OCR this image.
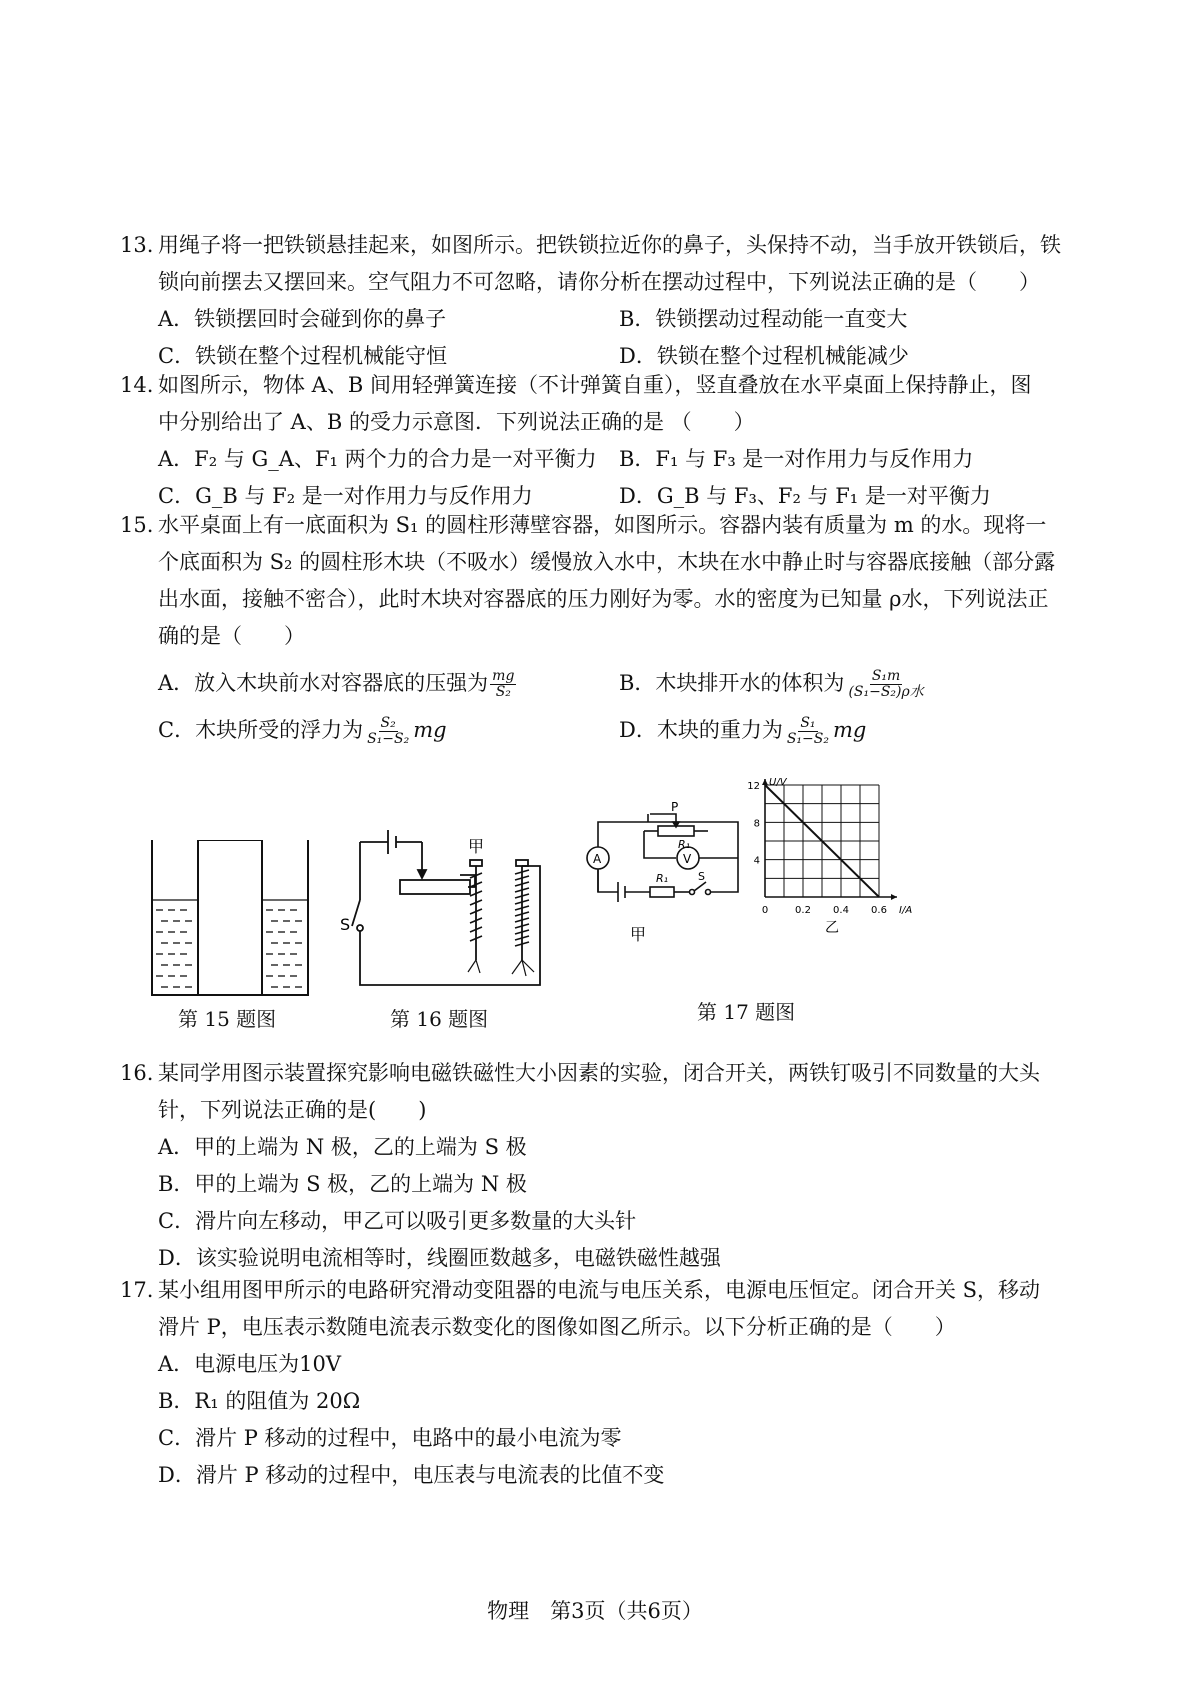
13. 用绳子将一把铁锁悬挂起来，如图所示。把铁锁拉近你的鼻子，头保持不动，当手放开铁锁后，铁
锁向前摆去又摆回来。空气阻力不可忽略，请你分析在摆动过程中，下列说法正确的是（　　）
A．铁锁摆回时会碰到你的鼻子	B．铁锁摆动过程动能一直变大
C．铁锁在整个过程机械能守恒	D．铁锁在整个过程机械能减少
14. 如图所示，物体 A、B 间用轻弹簧连接（不计弹簧自重），竖直叠放在水平桌面上保持静止，图
中分别给出了 A、B 的受力示意图．下列说法正确的是 （　　）
A．F₂ 与 G_A、F₁ 两个力的合力是一对平衡力	B．F₁ 与 F₃ 是一对作用力与反作用力
C．G_B 与 F₂ 是一对作用力与反作用力	D．G_B 与 F₃、F₂ 与 F₁ 是一对平衡力
15. 水平桌面上有一底面积为 S₁ 的圆柱形薄壁容器，如图所示。容器内装有质量为 m 的水。现将一
个底面积为 S₂ 的圆柱形木块（不吸水）缓慢放入水中，木块在水中静止时与容器底接触（部分露
出水面，接触不密合），此时木块对容器底的压力刚好为零。水的密度为已知量 ρ水，下列说法正
确的是（　　）
A．放入木块前水对容器底的压强为 $\frac{mg}{\text{S₂}}$	B．木块排开水的体积为 $\frac{\text{S₁m}}{\text{(S₁−S₂)ρ水}}$
C．木块所受的浮力为 $\frac{\text{S₂}}{\text{S₁−S₂}}$ mg	D．木块的重力为 $\frac{\text{S₁}}{\text{S₁−S₂}}$ mg
第 15 题图
甲
S
第 16 题图
A	V
P
R₁
R₁	S
甲
0	0.2 0.4 0.6
4
8
12
I/A
U/V
乙
第 17 题图
16. 某同学用图示装置探究影响电磁铁磁性大小因素的实验，闭合开关，两铁钉吸引不同数量的大头
针，下列说法正确的是(　　)
A．甲的上端为 N 极，乙的上端为 S 极
B．甲的上端为 S 极，乙的上端为 N 极
C．滑片向左移动，甲乙可以吸引更多数量的大头针
D．该实验说明电流相等时，线圈匝数越多，电磁铁磁性越强
17. 某小组用图甲所示的电路研究滑动变阻器的电流与电压关系，电源电压恒定。闭合开关 S，移动
滑片 P，电压表示数随电流表示数变化的图像如图乙所示。以下分析正确的是（　　）
A．电源电压为10V
B．R₁ 的阻值为 20Ω
C．滑片 P 移动的过程中，电路中的最小电流为零
D．滑片 P 移动的过程中，电压表与电流表的比值不变
物理　第3页（共6页）
